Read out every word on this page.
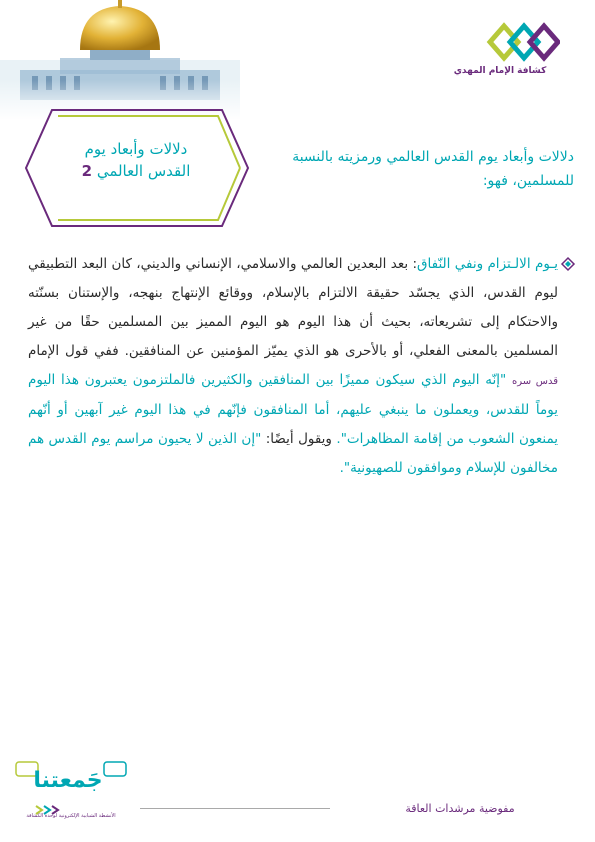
كشافة الإمام المهدي
دلالات وأبعاد يوم
القدس العالمي 2
دلالات وأبعاد يوم القدس العالمي ورمزيته بالنسبة للمسلمين، فهو:
يـوم الالـتزام ونفي النّفاق: بعد البعدين العالمي والاسلامي، الإنساني والديني، كان البعد التطبيقي ليوم القدس، الذي يجسّد حقيقة الالتزام بالإسلام، ووقائع الإنتهاج بنهجه، والإستنان بسنّته والاحتكام إلى تشريعاته، بحيث أن هذا اليوم هو اليوم المميز بين المسلمين حقًا من غير المسلمين بالمعنى الفعلي، أو بالأحرى هو الذي يميّز المؤمنين عن المنافقين. ففي قول الإمام قدس سره "إنّه اليوم الذي سيكون مميزًا بين المنافقين والكثيرين فالملتزمون يعتبرون هذا اليوم يوماً للقدس، ويعملون ما ينبغي عليهم، أما المنافقون فإنّهم في هذا اليوم غير آبهين أو أنّهم يمنعون الشعوب من إقامة المظاهرات". ويقول أيضًا: "إن الذين لا يحيون مراسم يوم القدس هم مخالفون للإسلام وموافقون للصهيونية".
مفوضية مرشدات العاقة
جَمعتنا
الأنشطة الشبابية الإلكترونية لوحدة الكشافة
